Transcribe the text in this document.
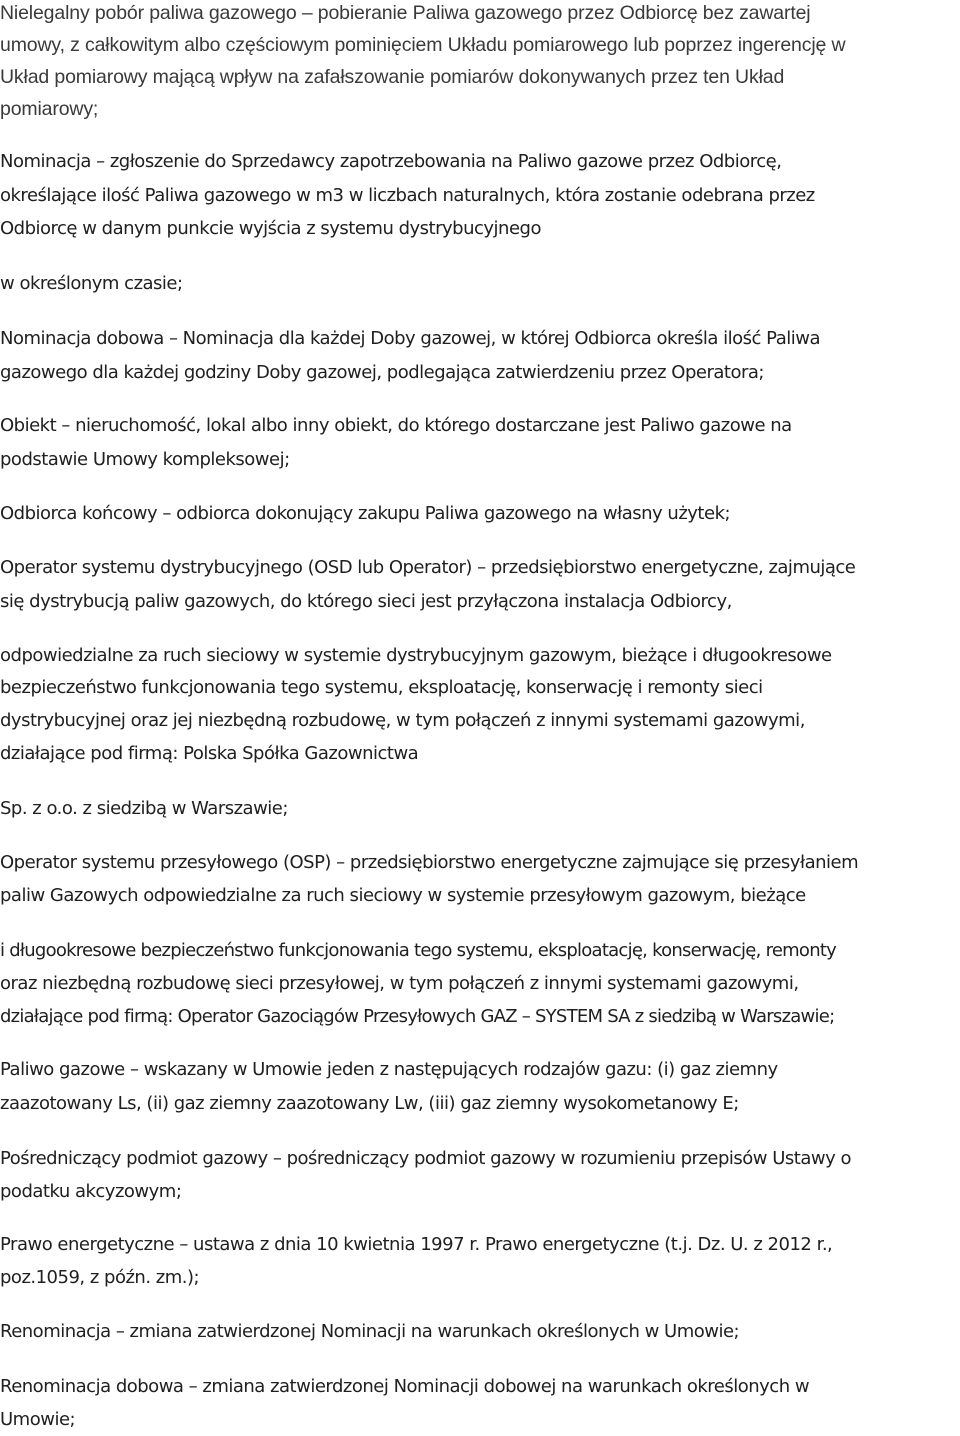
Nielegalny pobór paliwa gazowego – pobieranie Paliwa gazowego przez Odbiorcę bez zawartej

umowy, z całkowitym albo częściowym pominięciem Układu pomiarowego lub poprzez ingerencję w

Układ pomiarowy mającą wpływ na zafałszowanie pomiarów dokonywanych przez ten Układ

pomiarowy;

Nominacja – zgłoszenie do Sprzedawcy zapotrzebowania na Paliwo gazowe przez Odbiorcę,

określające ilość Paliwa gazowego w m3 w liczbach naturalnych, która zostanie odebrana przez

Odbiorcę w danym punkcie wyjścia z systemu dystrybucyjnego

w określonym czasie;

Nominacja dobowa – Nominacja dla każdej Doby gazowej, w której Odbiorca określa ilość Paliwa

gazowego dla każdej godziny Doby gazowej, podlegająca zatwierdzeniu przez Operatora;

Obiekt – nieruchomość, lokal albo inny obiekt, do którego dostarczane jest Paliwo gazowe na

podstawie Umowy kompleksowej;

Odbiorca końcowy – odbiorca dokonujący zakupu Paliwa gazowego na własny użytek;

Operator systemu dystrybucyjnego (OSD lub Operator) – przedsiębiorstwo energetyczne, zajmujące

się dystrybucją paliw gazowych, do którego sieci jest przyłączona instalacja Odbiorcy,

odpowiedzialne za ruch sieciowy w systemie dystrybucyjnym gazowym, bieżące i długookresowe

bezpieczeństwo funkcjonowania tego systemu, eksploatację, konserwację i remonty sieci

dystrybucyjnej oraz jej niezbędną rozbudowę, w tym połączeń z innymi systemami gazowymi,

działające pod firmą: Polska Spółka Gazownictwa

Sp. z o.o. z siedzibą w Warszawie;

Operator systemu przesyłowego (OSP) – przedsiębiorstwo energetyczne zajmujące się przesyłaniem

paliw Gazowych odpowiedzialne za ruch sieciowy w systemie przesyłowym gazowym, bieżące

i długookresowe bezpieczeństwo funkcjonowania tego systemu, eksploatację, konserwację, remonty

oraz niezbędną rozbudowę sieci przesyłowej, w tym połączeń z innymi systemami gazowymi,

działające pod firmą: Operator Gazociągów Przesyłowych GAZ – SYSTEM SA z siedzibą w Warszawie;

Paliwo gazowe – wskazany w Umowie jeden z następujących rodzajów gazu: (i) gaz ziemny

zaazotowany Ls, (ii) gaz ziemny zaazotowany Lw, (iii) gaz ziemny wysokometanowy E;

Pośredniczący podmiot gazowy – pośredniczący podmiot gazowy w rozumieniu przepisów Ustawy o

podatku akcyzowym;

Prawo energetyczne – ustawa z dnia 10 kwietnia 1997 r. Prawo energetyczne (t.j. Dz. U. z 2012 r.,

poz.1059, z późn. zm.);

Renominacja – zmiana zatwierdzonej Nominacji na warunkach określonych w Umowie;

Renominacja dobowa – zmiana zatwierdzonej Nominacji dobowej na warunkach określonych w

Umowie;
